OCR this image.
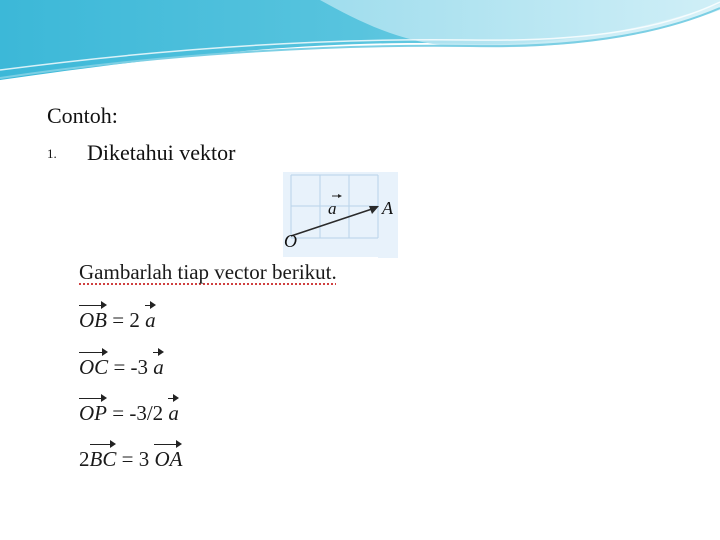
Contoh:
1. Diketahui vektor
a	A
O
Gambarlah tiap vector berikut.
OB = 2 a
OC = -3 a
OP = -3/2 a
2BC = 3 OA
